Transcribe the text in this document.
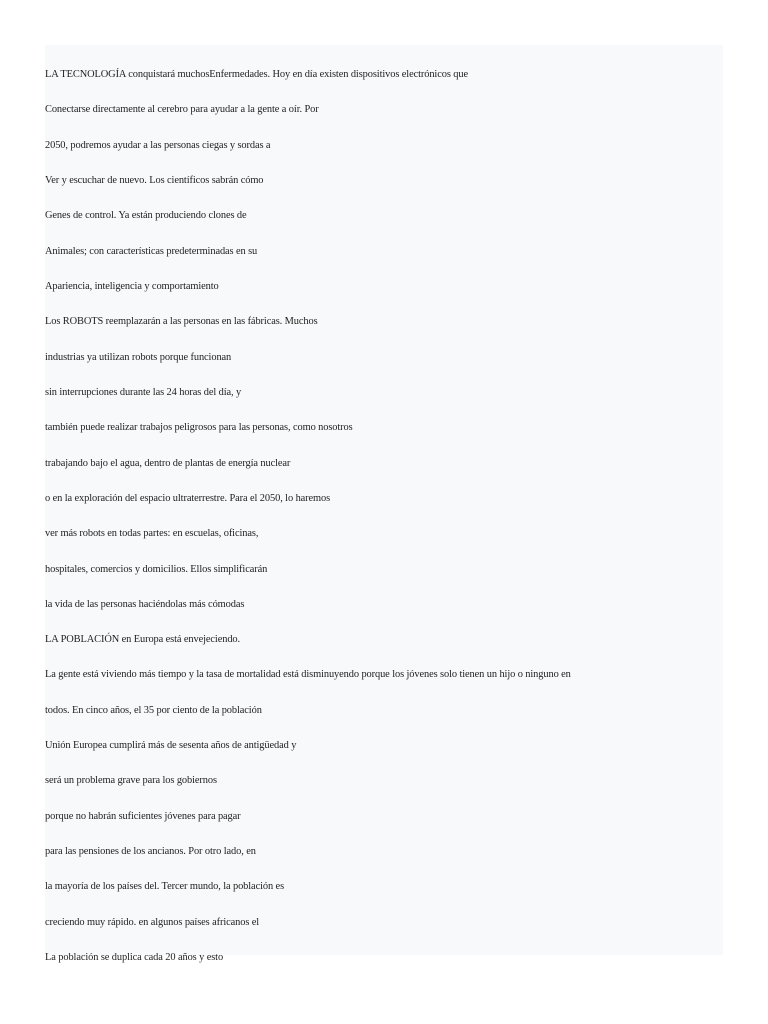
LA TECNOLOGÍA conquistará muchosEnfermedades. Hoy en día existen dispositivos electrónicos que
Conectarse directamente al cerebro para ayudar a la gente a oír. Por
2050, podremos ayudar a las personas ciegas y sordas a
Ver y escuchar de nuevo. Los científicos sabrán cómo
Genes de control. Ya están produciendo clones de
Animales; con características predeterminadas en su
Apariencia, inteligencia y comportamiento
Los ROBOTS reemplazarán a las personas en las fábricas. Muchos
industrias ya utilizan robots porque funcionan
sin interrupciones durante las 24 horas del día, y
también puede realizar trabajos peligrosos para las personas, como nosotros
trabajando bajo el agua, dentro de plantas de energía nuclear
o en la exploración del espacio ultraterrestre. Para el 2050, lo haremos
ver más robots en todas partes: en escuelas, oficinas,
hospitales, comercios y domicilios. Ellos simplificarán
la vida de las personas haciéndolas más cómodas
LA POBLACIÓN en Europa está envejeciendo.
La gente está viviendo más tiempo y la tasa de mortalidad está disminuyendo porque los jóvenes solo tienen un hijo o ninguno en
todos. En cinco años, el 35 por ciento de la población
Unión Europea cumplirá más de sesenta años de antigüedad y
será un problema grave para los gobiernos
porque no habrán suficientes jóvenes para pagar
para las pensiones de los ancianos. Por otro lado, en
la mayoría de los países del. Tercer mundo, la población es
creciendo muy rápido. en algunos países africanos el
La población se duplica cada 20 años y esto
